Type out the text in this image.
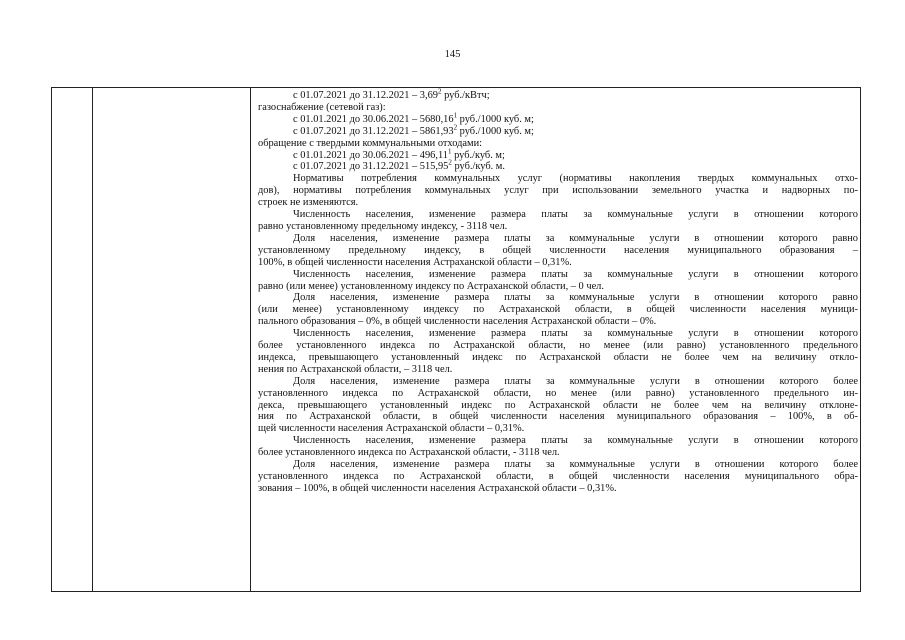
145
с 01.07.2021 до 31.12.2021 – 3,69$^2$ руб./кВтч;
газоснабжение (сетевой газ):
с 01.01.2021 до 30.06.2021 – 5680,16$^1$ руб./1000 куб. м;
с 01.07.2021 до 31.12.2021 – 5861,93$^2$ руб./1000 куб. м;
обращение с твердыми коммунальными отходами:
с 01.01.2021 до 30.06.2021 – 496,11$^1$ руб./куб. м;
с 01.07.2021 до 31.12.2021 – 515,95$^2$ руб./куб. м.
Нормативы потребления коммунальных услуг (нормативы накопления твердых коммунальных отхо-
дов), нормативы потребления коммунальных услуг при использовании земельного участка и надворных по-
строек не изменяются.
Численность населения, изменение размера платы за коммунальные услуги в отношении которого
равно установленному предельному индексу, - 3118 чел.
Доля населения, изменение размера платы за коммунальные услуги в отношении которого равно
установленному предельному индексу, в общей численности населения муниципального образования –
100%, в общей численности населения Астраханской области – 0,31%.
Численность населения, изменение размера платы за коммунальные услуги в отношении которого
равно (или менее) установленному индексу по Астраханской области, – 0 чел.
Доля населения, изменение размера платы за коммунальные услуги в отношении которого равно
(или менее) установленному индексу по Астраханской области, в общей численности населения муници-
пального образования – 0%, в общей численности населения Астраханской области – 0%.
Численность населения, изменение размера платы за коммунальные услуги в отношении которого
более установленного индекса по Астраханской области, но менее (или равно) установленного предельного
индекса, превышающего установленный индекс по Астраханской области не более чем на величину откло-
нения по Астраханской области, – 3118 чел.
Доля населения, изменение размера платы за коммунальные услуги в отношении которого более
установленного индекса по Астраханской области, но менее (или равно) установленного предельного ин-
декса, превышающего установленный индекс по Астраханской области не более чем на величину отклоне-
ния по Астраханской области, в общей численности населения муниципального образования – 100%, в об-
щей численности населения Астраханской области – 0,31%.
Численность населения, изменение размера платы за коммунальные услуги в отношении которого
более установленного индекса по Астраханской области, - 3118 чел.
Доля населения, изменение размера платы за коммунальные услуги в отношении которого более
установленного индекса по Астраханской области, в общей численности населения муниципального обра-
зования – 100%, в общей численности населения Астраханской области – 0,31%.
